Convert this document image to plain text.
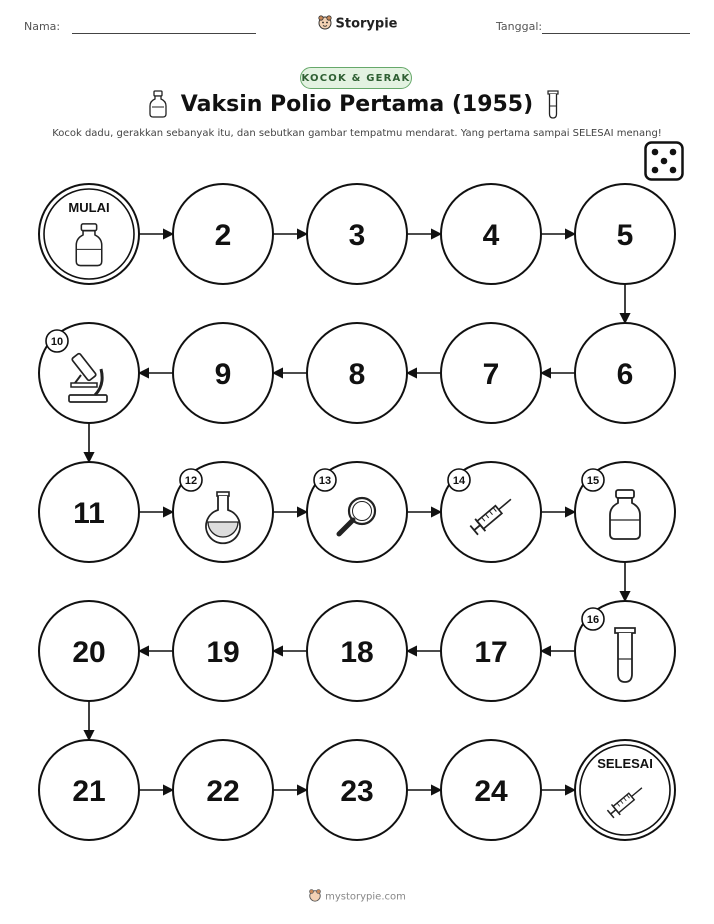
Nama:	Storypie	Tanggal:
KOCOK & GERAK
Vaksin Polio Pertama (1955)
Kocok dadu, gerakkan sebanyak itu, dan sebutkan gambar tempatmu mendarat. Yang pertama sampai SELESAI menang!
MULAI
2	3	4	5
6
7
8
9
10
11
12	13	14	15
16
17
18
19
20
21	22	23	24
SELESAI
mystorypie.com
